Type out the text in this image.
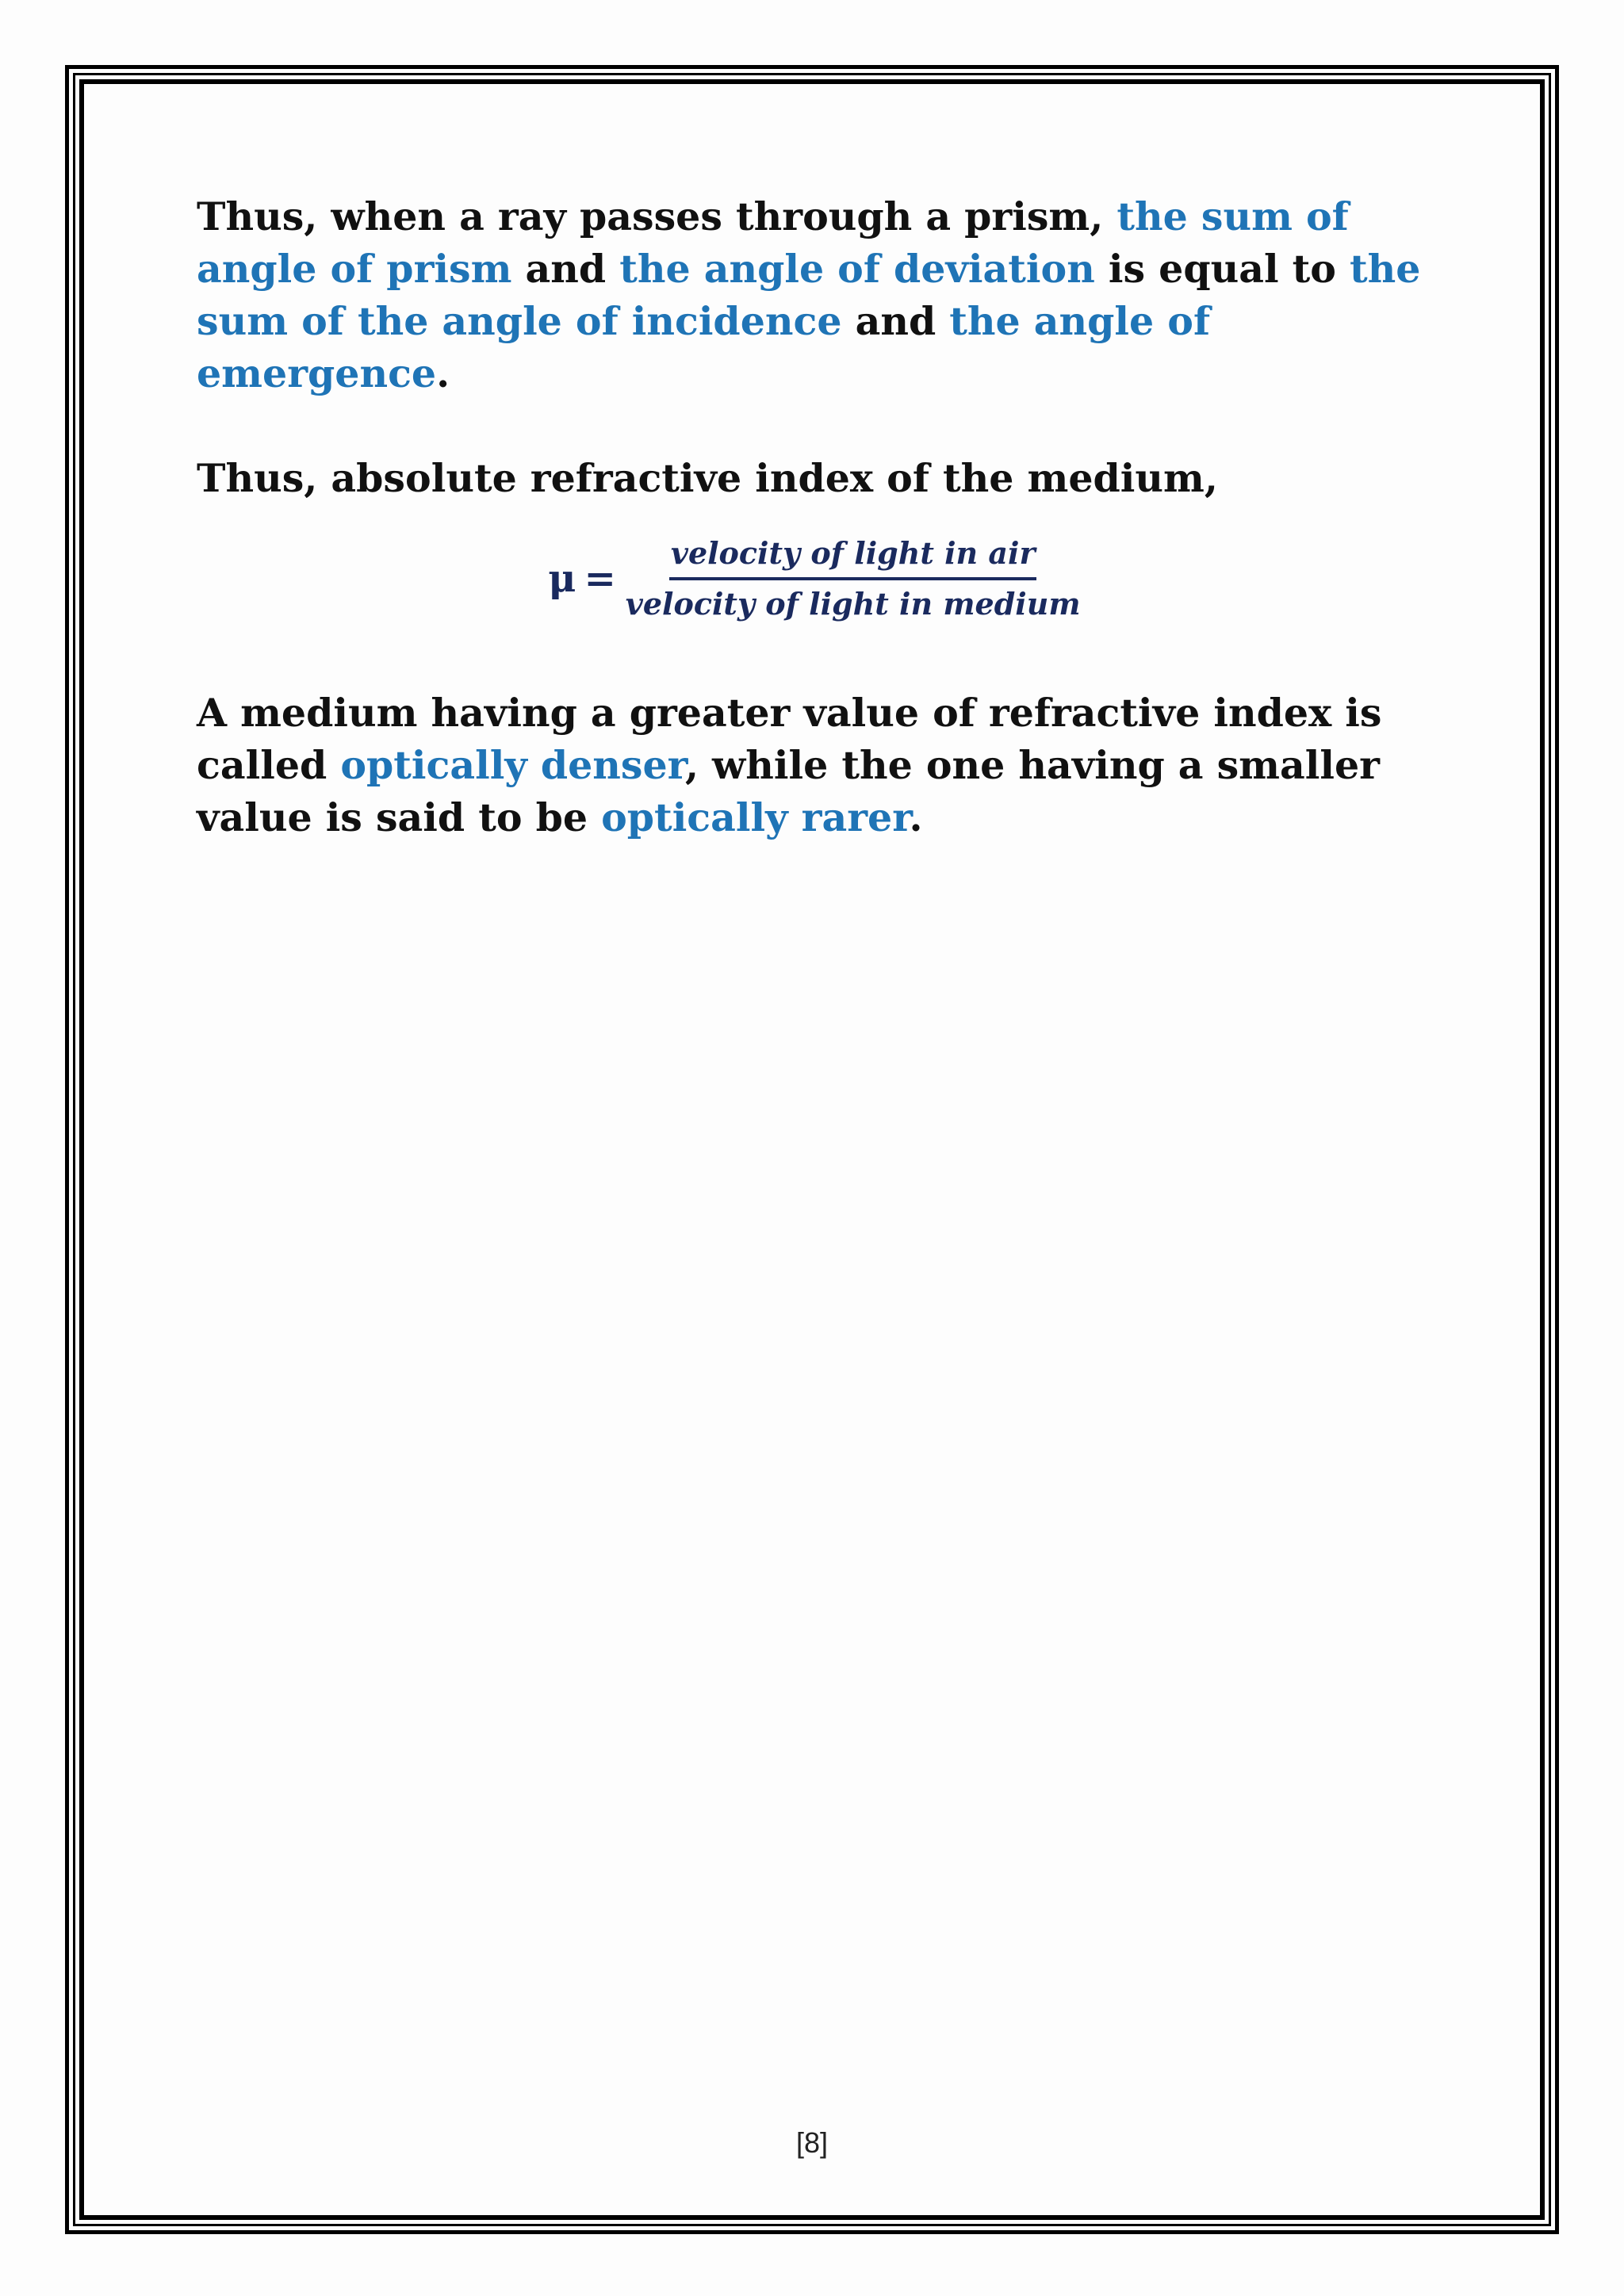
Thus, when a ray passes through a prism, the sum of angle of prism and the angle of deviation is equal to the sum of the angle of incidence and the angle of emergence.

Thus, absolute refractive index of the medium,

$\mu = \frac{\text{velocity of light in air}}{\text{velocity of light in medium}}$

A medium having a greater value of refractive index is called optically denser, while the one having a smaller value is said to be optically rarer.

[8]
